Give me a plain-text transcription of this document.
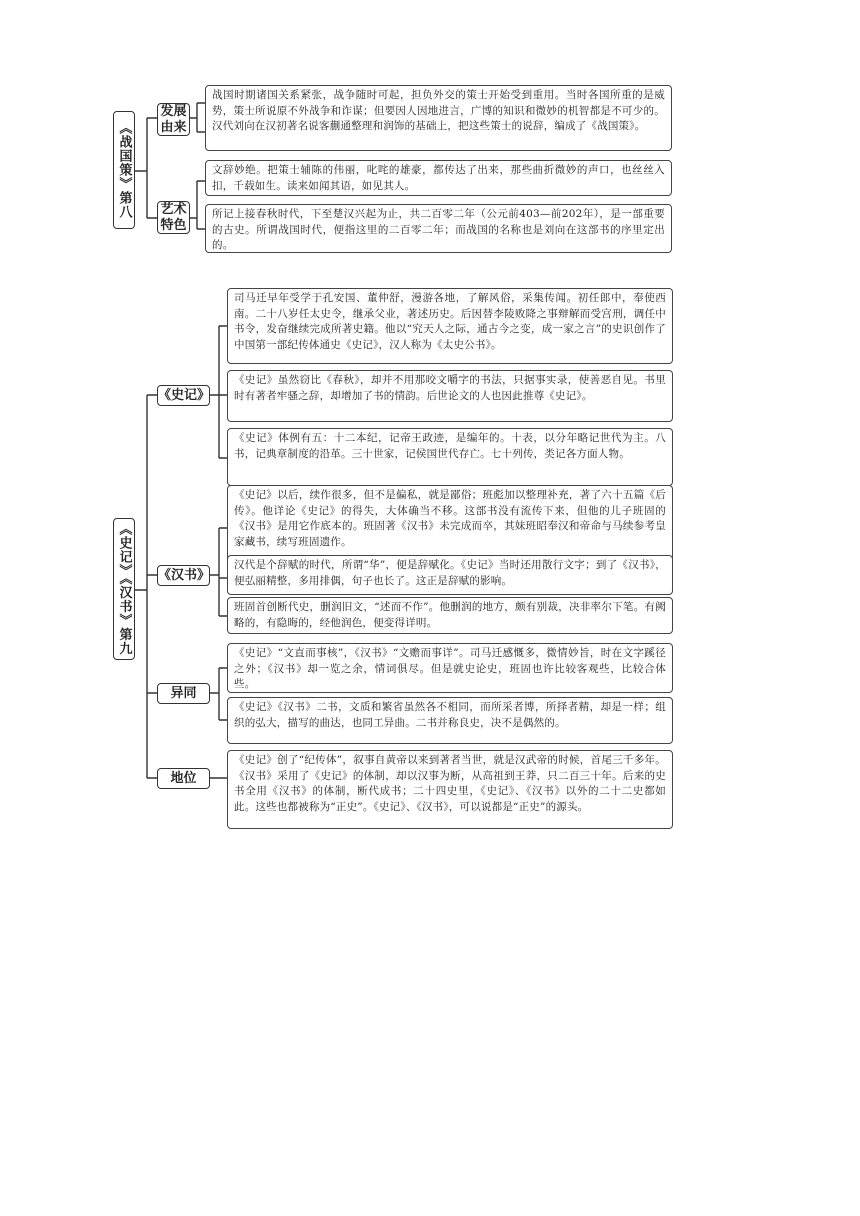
《战国策》第八
发展由来
艺术特色
战国时期诸国关系紧张，战争随时可起，担负外交的策士开始受到重用。当时各国所重的是威势，策士所说原不外战争和诈谋；但要因人因地进言，广博的知识和微妙的机智都是不可少的。汉代刘向在汉初著名说客蒯通整理和润饰的基础上，把这些策士的说辞，编成了《战国策》。
文辞妙绝。把策士辅陈的伟丽，叱咤的雄豪，都传达了出来，那些曲折微妙的声口，也丝丝入扣，千载如生。读来如闻其语，如见其人。
所记上接春秋时代，下至楚汉兴起为止，共二百零二年（公元前403—前202年），是一部重要的古史。所谓战国时代，便指这里的二百零二年；而战国的名称也是刘向在这部书的序里定出的。
《史记》《汉书》第九
《史记》
《汉书》
异同
地位
司马迁早年受学于孔安国、董仲舒，漫游各地，了解风俗，采集传闻。初任郎中，奉使西南。二十八岁任太史令，继承父业，著述历史。后因替李陵败降之事辩解而受宫刑，调任中书令，发奋继续完成所著史籍。他以“究天人之际，通古今之变，成一家之言”的史识创作了中国第一部纪传体通史《史记》，汉人称为《太史公书》。
《史记》虽然窃比《春秋》，却并不用那咬文嚼字的书法，只据事实录，使善恶自见。书里时有著者牢骚之辞，却增加了书的情韵。后世论文的人也因此推尊《史记》。
《史记》体例有五：十二本纪，记帝王政迹，是编年的。十表，以分年略记世代为主。八书，记典章制度的沿革。三十世家，记侯国世代存亡。七十列传，类记各方面人物。
《史记》以后，续作很多，但不是偏私，就是鄙俗；班彪加以整理补充，著了六十五篇《后传》。他详论《史记》的得失，大体确当不移。这部书没有流传下来，但他的儿子班固的《汉书》是用它作底本的。班固著《汉书》未完成而卒，其妹班昭奉汉和帝命与马续参考皇家藏书，续写班固遗作。
汉代是个辞赋的时代，所谓“华”，便是辞赋化。《史记》当时还用散行文字；到了《汉书》，便弘丽精整，多用排偶，句子也长了。这正是辞赋的影响。
班固首创断代史，删润旧文，“述而不作”。他删润的地方，颇有别裁，决非率尔下笔。有阙略的，有隐晦的，经他润色，便变得详明。
《史记》“文直而事核”，《汉书》“文赡而事详”。司马迁感慨多，微情妙旨，时在文字蹊径之外；《汉书》却一览之余，情词俱尽。但是就史论史，班固也许比较客观些，比较合体些。
《史记》《汉书》二书，文质和繁省虽然各不相同，而所采者博，所择者精，却是一样；组织的弘大，描写的曲达，也同工异曲。二书并称良史，决不是偶然的。
《史记》创了“纪传体”，叙事自黄帝以来到著者当世，就是汉武帝的时候，首尾三千多年。《汉书》采用了《史记》的体制，却以汉事为断，从高祖到王莽，只二百三十年。后来的史书全用《汉书》的体制，断代成书；二十四史里，《史记》、《汉书》以外的二十二史都如此。这些也都被称为“正史”。《史记》、《汉书》，可以说都是“正史”的源头。
